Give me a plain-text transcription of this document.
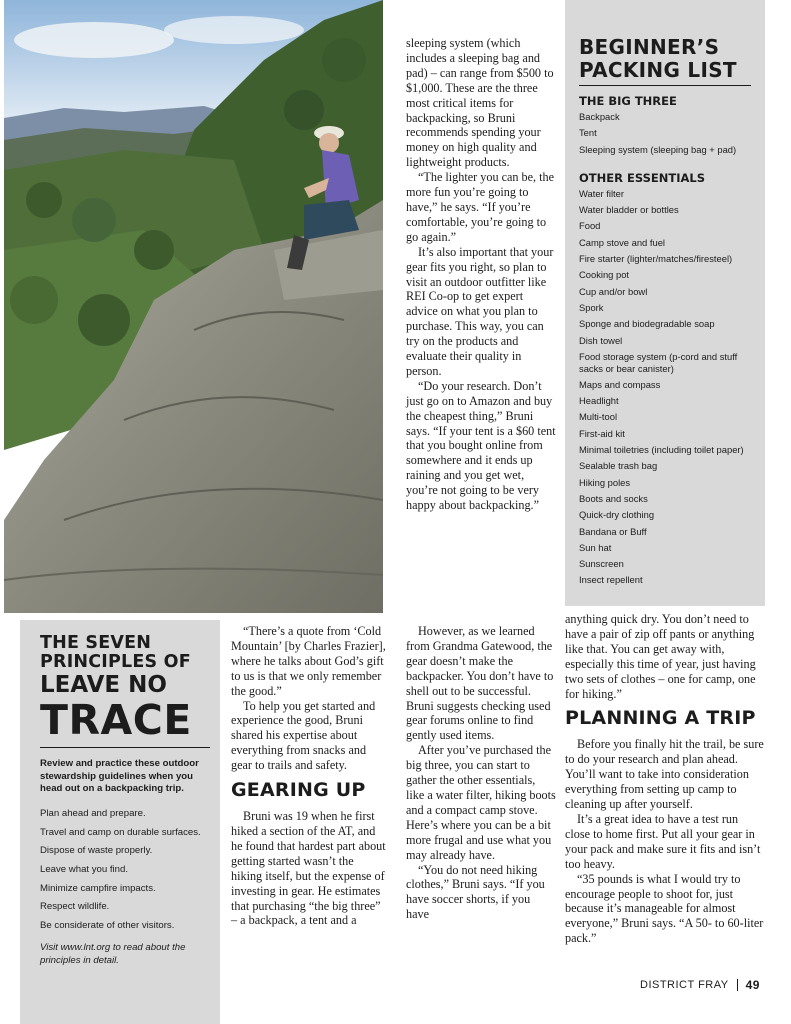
sleeping system (which includes a sleeping bag and pad) – can range from $500 to $1,000. These are the three most critical items for backpacking, so Bruni recommends spending your money on high quality and lightweight products.

“The lighter you can be, the more fun you’re going to have,” he says. “If you’re comfortable, you’re going to go again.”

It’s also important that your gear fits you right, so plan to visit an outdoor outfitter like REI Co-op to get expert advice on what you plan to purchase. This way, you can try on the products and evaluate their quality in person.

“Do your research. Don’t just go on to Amazon and buy the cheapest thing,” Bruni says. “If your tent is a $60 tent that you bought online from somewhere and it ends up raining and you get wet, you’re not going to be very happy about backpacking.”

BEGINNER’S
PACKING LIST
THE BIG THREE
Backpack
Tent
Sleeping system (sleeping bag + pad)
OTHER ESSENTIALS
Water filter
Water bladder or bottles
Food
Camp stove and fuel
Fire starter (lighter/matches/firesteel)
Cooking pot
Cup and/or bowl
Spork
Sponge and biodegradable soap
Dish towel
Food storage system (p-cord and stuff sacks or bear canister)
Maps and compass
Headlight
Multi-tool
First-aid kit
Minimal toiletries (including toilet paper)
Sealable trash bag
Hiking poles
Boots and socks
Quick-dry clothing
Bandana or Buff
Sun hat
Sunscreen
Insect repellent
THE SEVEN
PRINCIPLES OF
LEAVE NO
TRACE
Review and practice these outdoor stewardship guidelines when you head out on a backpacking trip.
Plan ahead and prepare.
Travel and camp on durable surfaces.
Dispose of waste properly.
Leave what you find.
Minimize campfire impacts.
Respect wildlife.
Be considerate of other visitors.
Visit www.lnt.org to read about the principles in detail.

“There’s a quote from ‘Cold Mountain’ [by Charles Frazier], where he talks about God’s gift to us is that we only remember the good.”

To help you get started and experience the good, Bruni shared his expertise about everything from snacks and gear to trails and safety.

GEARING UP

Bruni was 19 when he first hiked a section of the AT, and he found that hardest part about getting started wasn’t the hiking itself, but the expense of investing in gear. He estimates that purchasing “the big three” – a backpack, a tent and a

However, as we learned from Grandma Gatewood, the gear doesn’t make the backpacker. You don’t have to shell out to be successful. Bruni suggests checking used gear forums online to find gently used items.

After you’ve purchased the big three, you can start to gather the other essentials, like a water filter, hiking boots and a compact camp stove. Here’s where you can be a bit more frugal and use what you may already have.

“You do not need hiking clothes,” Bruni says. “If you have soccer shorts, if you have

anything quick dry. You don’t need to have a pair of zip off pants or anything like that. You can get away with, especially this time of year, just having two sets of clothes – one for camp, one for hiking.”

PLANNING A TRIP

Before you finally hit the trail, be sure to do your research and plan ahead. You’ll want to take into consideration everything from setting up camp to cleaning up after yourself.

It’s a great idea to have a test run close to home first. Put all your gear in your pack and make sure it fits and isn’t too heavy.

“35 pounds is what I would try to encourage people to shoot for, just because it’s manageable for almost everyone,” Bruni says. “A 50- to 60-liter pack.”

DISTRICT FRAY 49
